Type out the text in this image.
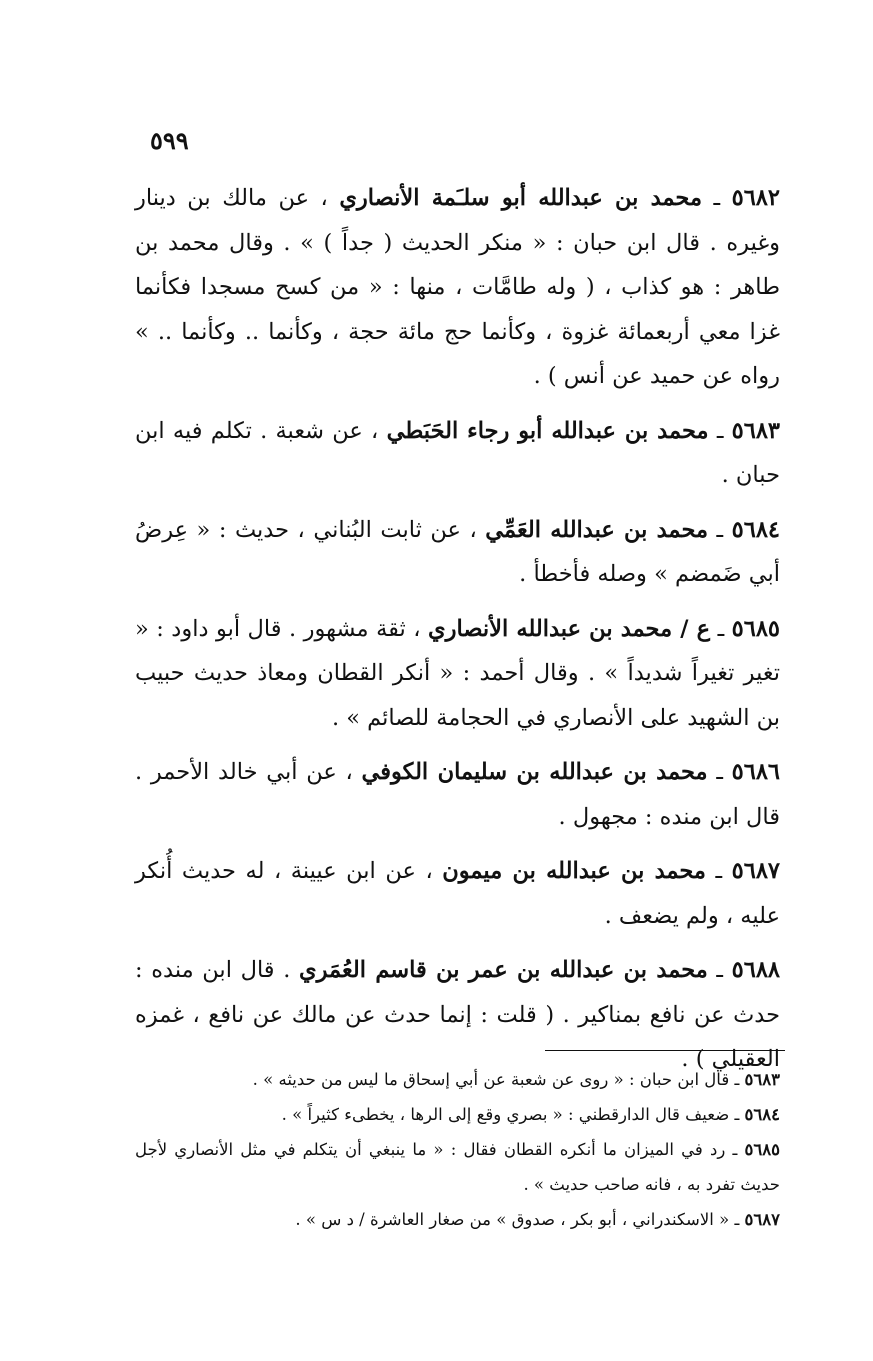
٥٩٩
٥٦٨٢ ـ محمد بن عبدالله أبو سلـَمة الأنصاري ، عن مالك بن دينار وغيره . قال ابن حبان : « منكر الحديث ( جداً ) » . وقال محمد بن طاهر : هو كذاب ، ( وله طامَّات ، منها : « من كسح مسجدا فكأنما غزا معي أربعمائة غزوة ، وكأنما حج مائة حجة ، وكأنما .. وكأنما .. » رواه عن حميد عن أنس ) .
٥٦٨٣ ـ محمد بن عبدالله أبو رجاء الحَبَطي ، عن شعبة . تكلم فيه ابن حبان .
٥٦٨٤ ـ محمد بن عبدالله العَمِّي ، عن ثابت البُناني ، حديث : « عِرضُ أبي ضَمضم » وصله فأخطأ .
٥٦٨٥ ـ ع / محمد بن عبدالله الأنصاري ، ثقة مشهور . قال أبو داود : « تغير تغيراً شديداً » . وقال أحمد : « أنكر القطان ومعاذ حديث حبيب بن الشهيد على الأنصاري في الحجامة للصائم » .
٥٦٨٦ ـ محمد بن عبدالله بن سليمان الكوفي ، عن أبي خالد الأحمر . قال ابن منده : مجهول .
٥٦٨٧ ـ محمد بن عبدالله بن ميمون ، عن ابن عيينة ، له حديث أُنكر عليه ، ولم يضعف .
٥٦٨٨ ـ محمد بن عبدالله بن عمر بن قاسم العُمَري . قال ابن منده : حدث عن نافع بمناكير . ( قلت : إنما حدث عن مالك عن نافع ، غمزه العقيلي ) .
٥٦٨٣ ـ قال ابن حبان : « روى عن شعبة عن أبي إسحاق ما ليس من حديثه » .
٥٦٨٤ ـ ضعيف قال الدارقطني : « بصري وقع إلى الرها ، يخطىء كثيراً » .
٥٦٨٥ ـ رد في الميزان ما أنكره القطان فقال : « ما ينبغي أن يتكلم في مثل الأنصاري لأجل حديث تفرد به ، فانه صاحب حديث » .
٥٦٨٧ ـ « الاسكندراني ، أبو بكر ، صدوق » من صغار العاشرة / د س » .
